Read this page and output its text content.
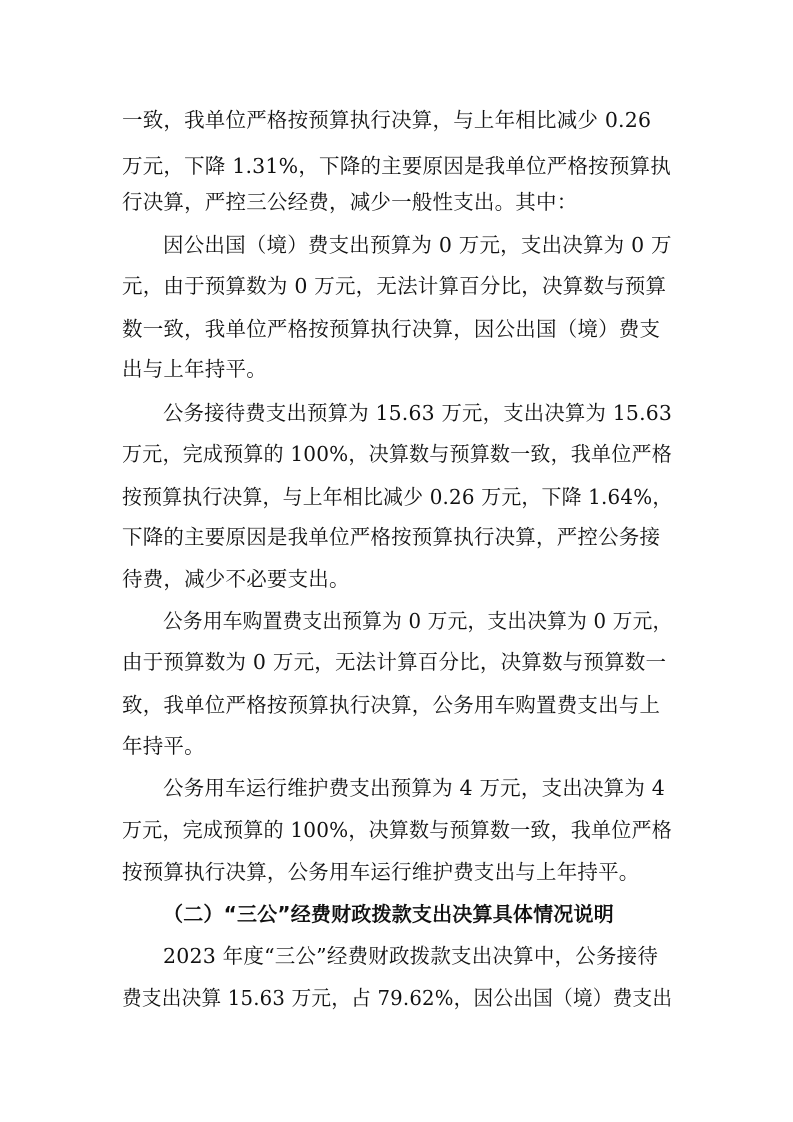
一致，我单位严格按预算执行决算，与上年相比减少 0.26
万元，下降 1.31%，下降的主要原因是我单位严格按预算执
行决算，严控三公经费，减少一般性支出。其中：
因公出国（境）费支出预算为 0 万元，支出决算为 0 万
元，由于预算数为 0 万元，无法计算百分比，决算数与预算
数一致，我单位严格按预算执行决算，因公出国（境）费支
出与上年持平。
公务接待费支出预算为 15.63 万元，支出决算为 15.63
万元，完成预算的 100%，决算数与预算数一致，我单位严格
按预算执行决算，与上年相比减少 0.26 万元，下降 1.64%，
下降的主要原因是我单位严格按预算执行决算，严控公务接
待费，减少不必要支出。
公务用车购置费支出预算为 0 万元，支出决算为 0 万元，
由于预算数为 0 万元，无法计算百分比，决算数与预算数一
致，我单位严格按预算执行决算，公务用车购置费支出与上
年持平。
公务用车运行维护费支出预算为 4 万元，支出决算为 4
万元，完成预算的 100%，决算数与预算数一致，我单位严格
按预算执行决算，公务用车运行维护费支出与上年持平。
（二）“三公”经费财政拨款支出决算具体情况说明
2023 年度“三公”经费财政拨款支出决算中，公务接待
费支出决算 15.63 万元，占 79.62%，因公出国（境）费支出
